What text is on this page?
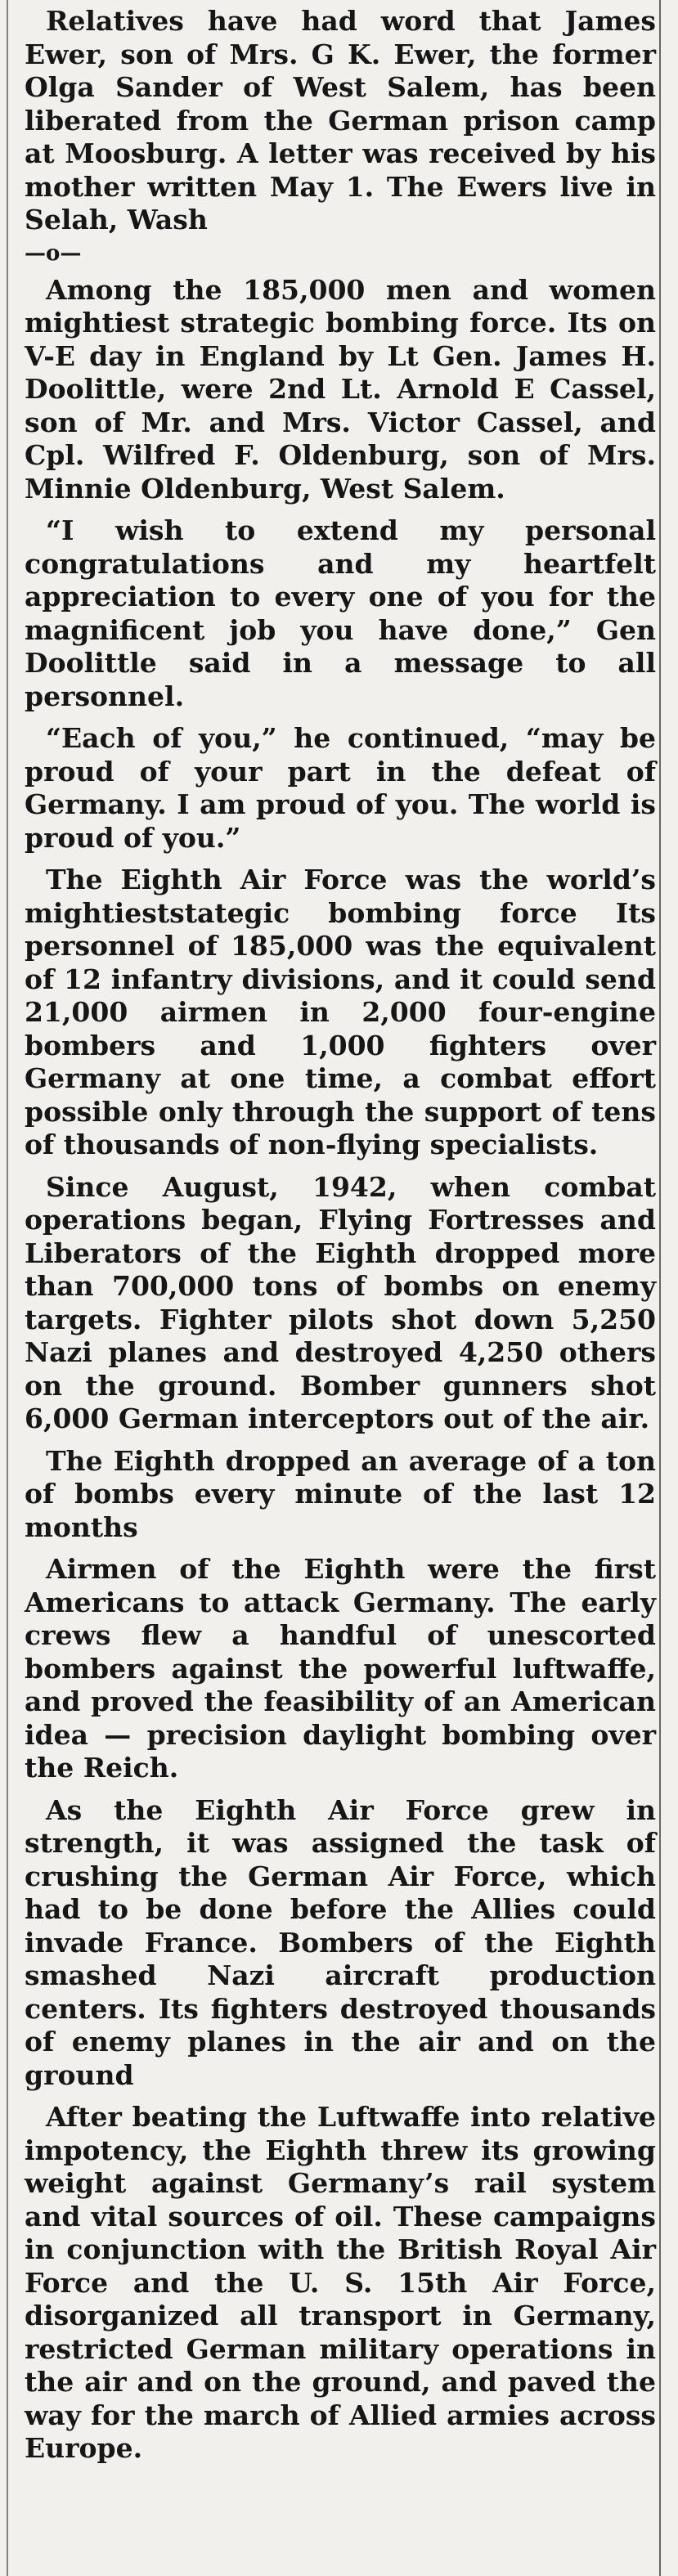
Relatives have had word that James Ewer, son of Mrs. G K. Ewer, the former Olga Sander of West Salem, has been liberated from the German prison camp at Moosburg. A letter was received by his mother written May 1. The Ewers live in Selah, Wash

—o—

Among the 185,000 men and women mightiest strategic bombing force. Its on V-E day in England by Lt Gen. James H. Doolittle, were 2nd Lt. Arnold E Cassel, son of Mr. and Mrs. Victor Cassel, and Cpl. Wilfred F. Oldenburg, son of Mrs. Minnie Oldenburg, West Salem.

“I wish to extend my personal congratulations and my heartfelt appreciation to every one of you for the magnificent job you have done,” Gen Doolittle said in a message to all personnel.

“Each of you,” he continued, “may be proud of your part in the defeat of Germany. I am proud of you. The world is proud of you.”

The Eighth Air Force was the world’s mightieststategic bombing force Its personnel of 185,000 was the equivalent of 12 infantry divisions, and it could send 21,000 airmen in 2,000 four-engine bombers and 1,000 fighters over Germany at one time, a combat effort possible only through the support of tens of thousands of non-flying specialists.

Since August, 1942, when combat operations began, Flying Fortresses and Liberators of the Eighth dropped more than 700,000 tons of bombs on enemy targets. Fighter pilots shot down 5,250 Nazi planes and destroyed 4,250 others on the ground. Bomber gunners shot 6,000 German interceptors out of the air.

The Eighth dropped an average of a ton of bombs every minute of the last 12 months

Airmen of the Eighth were the first Americans to attack Germany. The early crews flew a handful of unescorted bombers against the powerful luftwaffe, and proved the feasibility of an American idea — precision daylight bombing over the Reich.

As the Eighth Air Force grew in strength, it was assigned the task of crushing the German Air Force, which had to be done before the Allies could invade France. Bombers of the Eighth smashed Nazi aircraft production centers. Its fighters destroyed thousands of enemy planes in the air and on the ground

After beating the Luftwaffe into relative impotency, the Eighth threw its growing weight against Germany’s rail system and vital sources of oil. These campaigns in conjunction with the British Royal Air Force and the U. S. 15th Air Force, disorganized all transport in Germany, restricted German military operations in the air and on the ground, and paved the way for the march of Allied armies across Europe.
